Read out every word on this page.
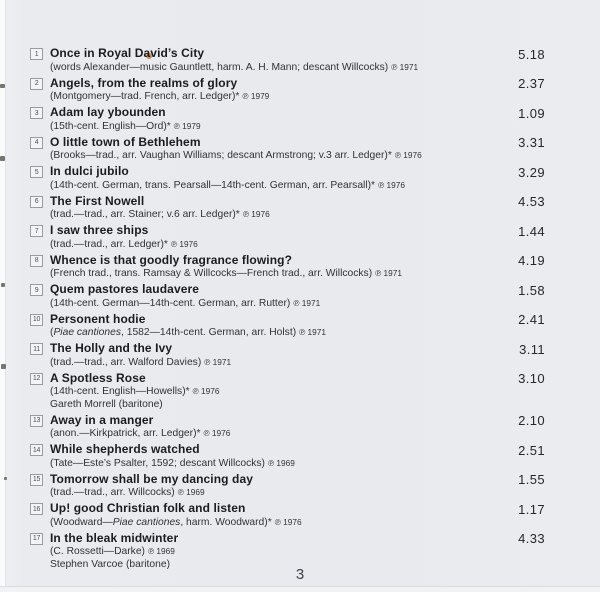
1 Once in Royal David’s City
(words Alexander—music Gauntlett, harm. A. H. Mann; descant Willcocks) ℗ 1971
5.18
2 Angels, from the realms of glory
(Montgomery—trad. French, arr. Ledger)* ℗ 1979
2.37
3 Adam lay ybounden
(15th-cent. English—Ord)* ℗ 1979
1.09
4 O little town of Bethlehem
(Brooks—trad., arr. Vaughan Williams; descant Armstrong; v.3 arr. Ledger)* ℗ 1976
3.31
5 In dulci jubilo
(14th-cent. German, trans. Pearsall—14th-cent. German, arr. Pearsall)* ℗ 1976
3.29
6 The First Nowell
(trad.—trad., arr. Stainer; v.6 arr. Ledger)* ℗ 1976
4.53
7 I saw three ships
(trad.—trad., arr. Ledger)* ℗ 1976
1.44
8 Whence is that goodly fragrance flowing?
(French trad., trans. Ramsay & Willcocks—French trad., arr. Willcocks) ℗ 1971
4.19
9 Quem pastores laudavere
(14th-cent. German—14th-cent. German, arr. Rutter) ℗ 1971
1.58
10 Personent hodie
(Piae cantiones, 1582—14th-cent. German, arr. Holst) ℗ 1971
2.41
11 The Holly and the Ivy
(trad.—trad., arr. Walford Davies) ℗ 1971
3.11
12 A Spotless Rose
(14th-cent. English—Howells)* ℗ 1976
Gareth Morrell (baritone)
3.10
13 Away in a manger
(anon.—Kirkpatrick, arr. Ledger)* ℗ 1976
2.10
14 While shepherds watched
(Tate—Este’s Psalter, 1592; descant Willcocks) ℗ 1969
2.51
15 Tomorrow shall be my dancing day
(trad.—trad., arr. Willcocks) ℗ 1969
1.55
16 Up! good Christian folk and listen
(Woodward—Piae cantiones, harm. Woodward)* ℗ 1976
1.17
17 In the bleak midwinter
(C. Rossetti—Darke) ℗ 1969
Stephen Varcoe (baritone)
4.33
3
